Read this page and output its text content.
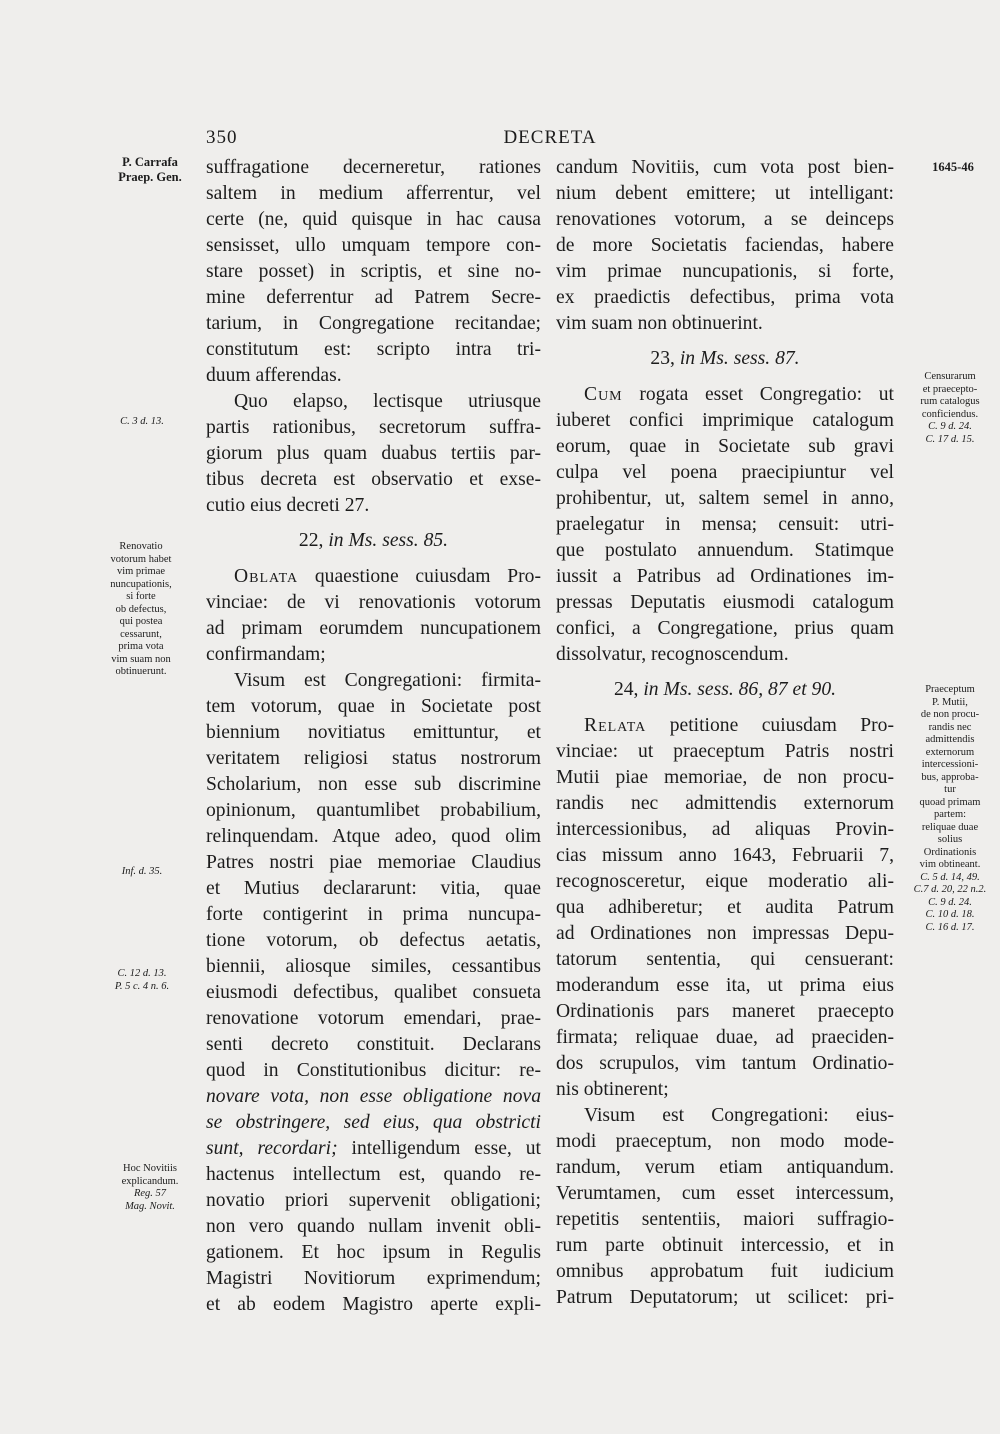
350	DECRETA
P. Carrafa
Praep. Gen.
C. 3 d. 13.
Renovatio
votorum habet
vim primae
nuncupationis,
si forte
ob defectus,
qui postea
cessarunt,
prima vota
vim suam non
obtinuerunt.
Inf. d. 35.
C. 12 d. 13.
P. 5 c. 4 n. 6.
Hoc Novitiis
explicandum.
Reg. 57
Mag. Novit.
1645-46
Censurarum
et praecepto-
rum catalogus
conficiendus.
C. 9 d. 24.
C. 17 d. 15.
Praeceptum
P. Mutii,
de non procu-
randis nec
admittendis
externorum
intercessioni-
bus, approba-
tur
quoad primam
partem:
reliquae duae
solius
Ordinationis
vim obtineant.
C. 5 d. 14, 49.
C.7 d. 20, 22 n.2.
C. 9 d. 24.
C. 10 d. 18.
C. 16 d. 17.
suffragatione decerneretur, rationes
saltem in medium afferrentur, vel
certe (ne, quid quisque in hac causa
sensisset, ullo umquam tempore con-
stare posset) in scriptis, et sine no-
mine deferrentur ad Patrem Secre-
tarium, in Congregatione recitandae;
constitutum est: scripto intra tri-
duum afferendas.
Quo elapso, lectisque utriusque
partis rationibus, secretorum suffra-
giorum plus quam duabus tertiis par-
tibus decreta est observatio et exse-
cutio eius decreti 27.
22, in Ms. sess. 85.
Oblata quaestione cuiusdam Pro-
vinciae: de vi renovationis votorum
ad primam eorumdem nuncupationem
confirmandam;
Visum est Congregationi: firmita-
tem votorum, quae in Societate post
biennium novitiatus emittuntur, et
veritatem religiosi status nostrorum
Scholarium, non esse sub discrimine
opinionum, quantumlibet probabilium,
relinquendam. Atque adeo, quod olim
Patres nostri piae memoriae Claudius
et Mutius declararunt: vitia, quae
forte contigerint in prima nuncupa-
tione votorum, ob defectus aetatis,
biennii, aliosque similes, cessantibus
eiusmodi defectibus, qualibet consueta
renovatione votorum emendari, prae-
senti decreto constituit. Declarans
quod in Constitutionibus dicitur: re-
novare vota, non esse obligatione nova
se obstringere, sed eius, qua obstricti
sunt, recordari; intelligendum esse, ut
hactenus intellectum est, quando re-
novatio priori supervenit obligationi;
non vero quando nullam invenit obli-
gationem. Et hoc ipsum in Regulis
Magistri Novitiorum exprimendum;
et ab eodem Magistro aperte expli-
candum Novitiis, cum vota post bien-
nium debent emittere; ut intelligant:
renovationes votorum, a se deinceps
de more Societatis faciendas, habere
vim primae nuncupationis, si forte,
ex praedictis defectibus, prima vota
vim suam non obtinuerint.
23, in Ms. sess. 87.
Cum rogata esset Congregatio: ut
iuberet confici imprimique catalogum
eorum, quae in Societate sub gravi
culpa vel poena praecipiuntur vel
prohibentur, ut, saltem semel in anno,
praelegatur in mensa; censuit: utri-
que postulato annuendum. Statimque
iussit a Patribus ad Ordinationes im-
pressas Deputatis eiusmodi catalogum
confici, a Congregatione, prius quam
dissolvatur, recognoscendum.
24, in Ms. sess. 86, 87 et 90.
Relata petitione cuiusdam Pro-
vinciae: ut praeceptum Patris nostri
Mutii piae memoriae, de non procu-
randis nec admittendis externorum
intercessionibus, ad aliquas Provin-
cias missum anno 1643, Februarii 7,
recognosceretur, eique moderatio ali-
qua adhiberetur; et audita Patrum
ad Ordinationes non impressas Depu-
tatorum sententia, qui censuerant:
moderandum esse ita, ut prima eius
Ordinationis pars maneret praecepto
firmata; reliquae duae, ad praeciden-
dos scrupulos, vim tantum Ordinatio-
nis obtinerent;
Visum est Congregationi: eius-
modi praeceptum, non modo mode-
randum, verum etiam antiquandum.
Verumtamen, cum esset intercessum,
repetitis sententiis, maiori suffragio-
rum parte obtinuit intercessio, et in
omnibus approbatum fuit iudicium
Patrum Deputatorum; ut scilicet: pri-
